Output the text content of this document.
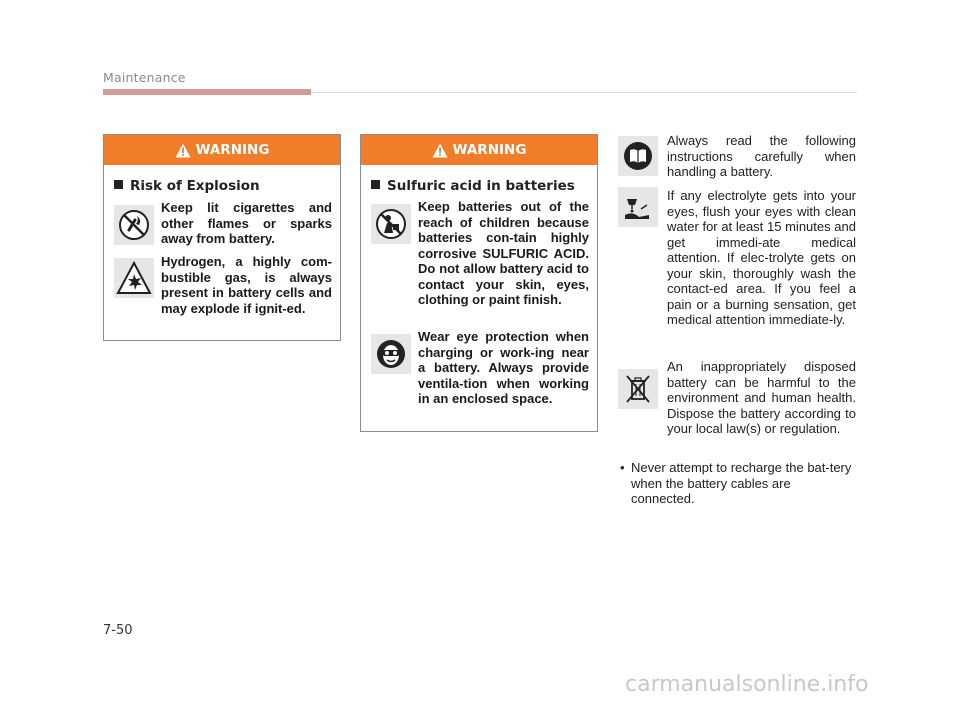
Maintenance
WARNING
Risk of Explosion
Keep lit cigarettes and other flames or sparks away from battery.
Hydrogen, a highly com-bustible gas, is always present in battery cells and may explode if ignit-ed.
WARNING
Sulfuric acid in batteries
Keep batteries out of the reach of children because batteries con-tain highly corrosive SULFURIC ACID. Do not allow battery acid to contact your skin, eyes, clothing or paint finish.
Wear eye protection when charging or work-ing near a battery. Always provide ventila-tion when working in an enclosed space.
Always read the following instructions carefully when handling a battery.
If any electrolyte gets into your eyes, flush your eyes with clean water for at least 15 minutes and get immedi-ate medical attention. If elec-trolyte gets on your skin, thoroughly wash the contact-ed area. If you feel a pain or a burning sensation, get medical attention immediate-ly.
An inappropriately disposed battery can be harmful to the environment and human health. Dispose the battery according to your local law(s) or regulation.
• Never attempt to recharge the bat-tery when the battery cables are connected.
7-50
carmanualsonline.info
